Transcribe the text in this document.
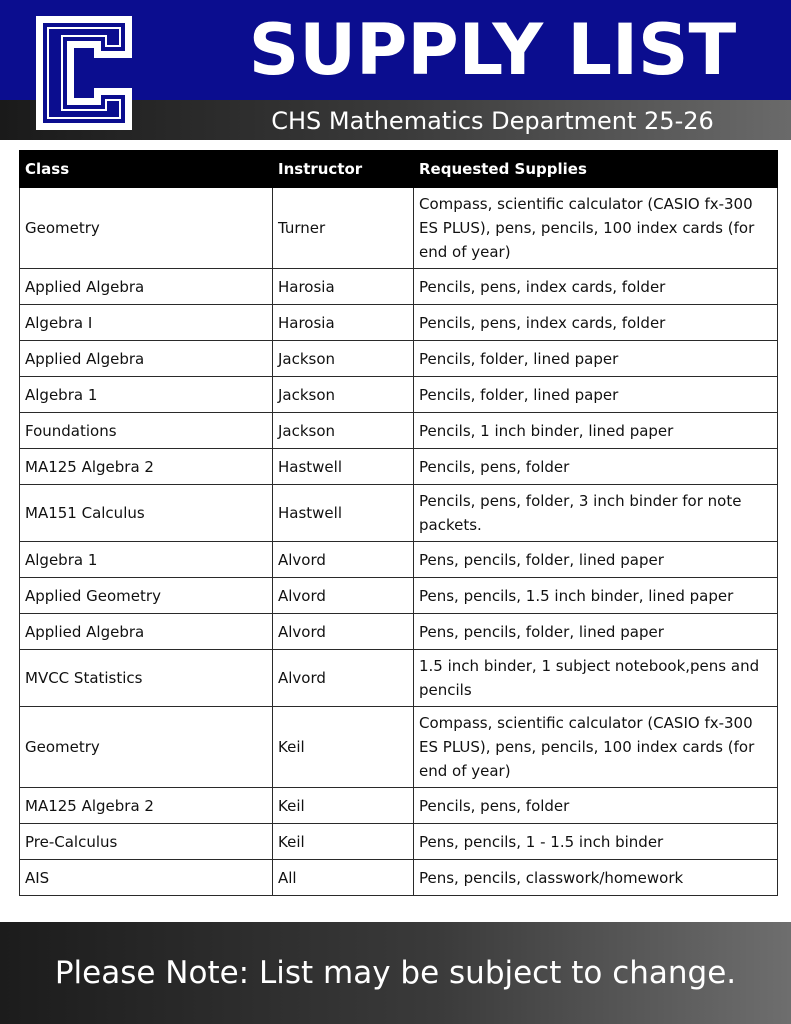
SUPPLY LIST
CHS Mathematics Department 25-26
Class	Instructor	Requested Supplies
Geometry	Turner	Compass, scientific calculator (CASIO fx-300 ES PLUS), pens, pencils, 100 index cards (for end of year)
Applied Algebra	Harosia	Pencils, pens, index cards, folder
Algebra I	Harosia	Pencils, pens, index cards, folder
Applied Algebra	Jackson	Pencils, folder, lined paper
Algebra 1	Jackson	Pencils, folder, lined paper
Foundations	Jackson	Pencils, 1 inch binder, lined paper
MA125 Algebra 2	Hastwell	Pencils, pens, folder
MA151 Calculus	Hastwell	Pencils, pens, folder, 3 inch binder for note packets.
Algebra 1	Alvord	Pens, pencils, folder, lined paper
Applied Geometry	Alvord	Pens, pencils, 1.5 inch binder, lined paper
Applied Algebra	Alvord	Pens, pencils, folder, lined paper
MVCC Statistics	Alvord	1.5 inch binder, 1 subject notebook,pens and pencils
Geometry	Keil	Compass, scientific calculator (CASIO fx-300 ES PLUS), pens, pencils, 100 index cards (for end of year)
MA125 Algebra 2	Keil	Pencils, pens, folder
Pre-Calculus	Keil	Pens, pencils, 1 - 1.5 inch binder
AIS	All	Pens, pencils, classwork/homework
Please Note: List may be subject to change.
